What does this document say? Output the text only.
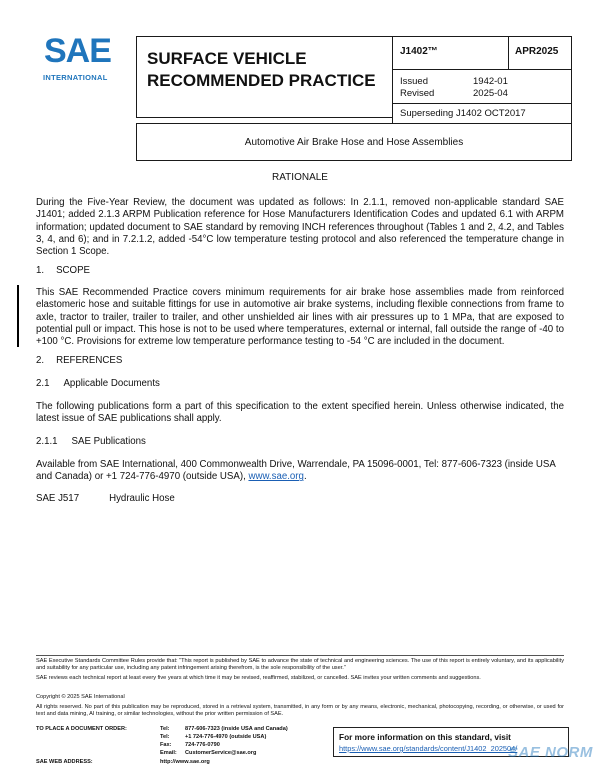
SAE
INTERNATIONAL
SURFACE VEHICLE
RECOMMENDED PRACTICE
J1402™	APR2025
Issued	1942-01
Revised	2025-04
Superseding J1402 OCT2017
Automotive Air Brake Hose and Hose Assemblies
RATIONALE
During the Five-Year Review, the document was updated as follows: In 2.1.1, removed non-applicable standard SAE J1401; added 2.1.3 ARPM Publication reference for Hose Manufacturers Identification Codes and updated 6.1 with ARPM information; updated document to SAE standard by removing INCH references throughout (Tables 1 and 2, 4.2, and Tables 3, 4, and 6); and in 7.2.1.2, added -54°C low temperature testing protocol and also referenced the temperature change in Section 1 Scope.
1. SCOPE
This SAE Recommended Practice covers minimum requirements for air brake hose assemblies made from reinforced elastomeric hose and suitable fittings for use in automotive air brake systems, including flexible connections from frame to axle, tractor to trailer, trailer to trailer, and other unshielded air lines with air pressures up to 1 MPa, that are exposed to potential pull or impact. This hose is not to be used where temperatures, external or internal, fall outside the range of -40 to +100 °C. Provisions for extreme low temperature performance testing to -54 °C are included in the document.
2. REFERENCES
2.1 Applicable Documents
The following publications form a part of this specification to the extent specified herein. Unless otherwise indicated, the latest issue of SAE publications shall apply.
2.1.1 SAE Publications
Available from SAE International, 400 Commonwealth Drive, Warrendale, PA 15096-0001, Tel: 877-606-7323 (inside USA and Canada) or +1 724-776-4970 (outside USA), www.sae.org.
SAE J517	Hydraulic Hose
SAE Executive Standards Committee Rules provide that: “This report is published by SAE to advance the state of technical and engineering sciences. The use of this report is entirely voluntary, and its applicability and suitability for any particular use, including any patent infringement arising therefrom, is the sole responsibility of the user.”
SAE reviews each technical report at least every five years at which time it may be revised, reaffirmed, stabilized, or cancelled. SAE invites your written comments and suggestions.
Copyright © 2025 SAE International
All rights reserved. No part of this publication may be reproduced, stored in a retrieval system, transmitted, in any form or by any means, electronic, mechanical, photocopying, recording, or otherwise, or used for text and data mining, AI training, or similar technologies, without the prior written permission of SAE.
TO PLACE A DOCUMENT ORDER:	Tel:	877-606-7323 (inside USA and Canada)
Tel:	+1 724-776-4970 (outside USA)
Fax: 724-776-0790
Email: CustomerService@sae.org
SAE WEB ADDRESS:	http://www.sae.org
For more information on this standard, visit
https://www.sae.org/standards/content/J1402_202504/
SAE NORM
